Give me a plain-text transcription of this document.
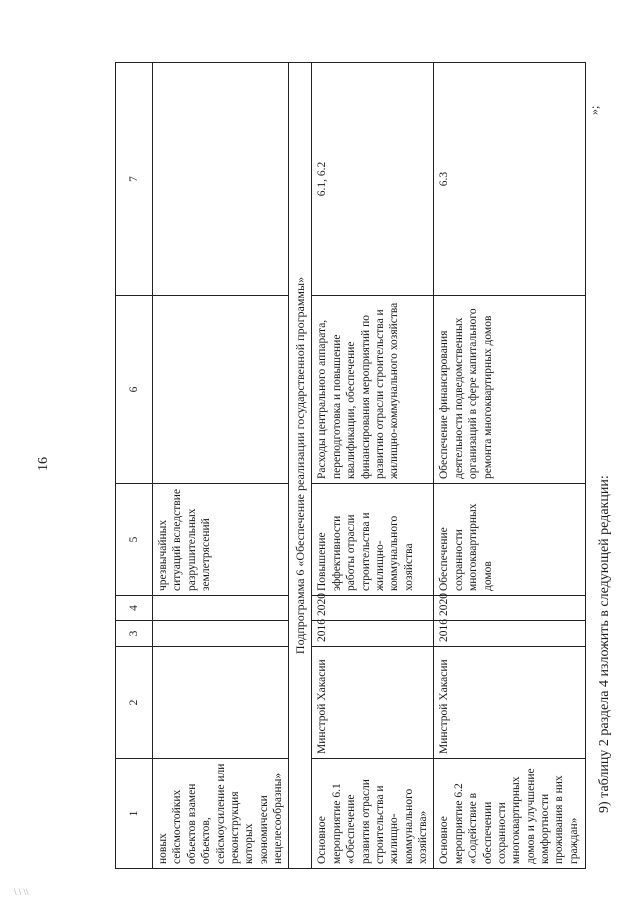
16
1	2	3	4	5	6	7
новых сейсмостойких объектов взамен объектов, сейсмоусиление или реконструкция которых экономически нецелесообразны»				чрезвычайных ситуаций вследствие разрушительных землетрясений		
Подпрограмма 6 «Обеспечение реализации государственной программы»						
Основное мероприятие 6.1 «Обеспечение развития отрасли строительства и жилищно-коммунального хозяйства»	Минстрой Хакасии	2016	2020	Повышение эффективности работы отрасли строительства и жилищно-коммунального хозяйства	Расходы центрального аппарата, переподготовка и повышение квалификации, обеспечение финансирования мероприятий по развитию отрасли строительства и жилищно-коммунального хозяйства	6.1, 6.2
Основное мероприятие 6.2 «Содействие в обеспечении сохранности многоквартирных домов и улучшение комфортности проживания в них граждан»	Минстрой Хакасии	2016	2020	Обеспечение сохранности многоквартирных домов	Обеспечение финансирования деятельности подведомственных организаций в сфере капитального ремонта многоквартирных домов	6.3
»;
9) таблицу 2 раздела 4 изложить в следующей редакции:
\ \ \\
